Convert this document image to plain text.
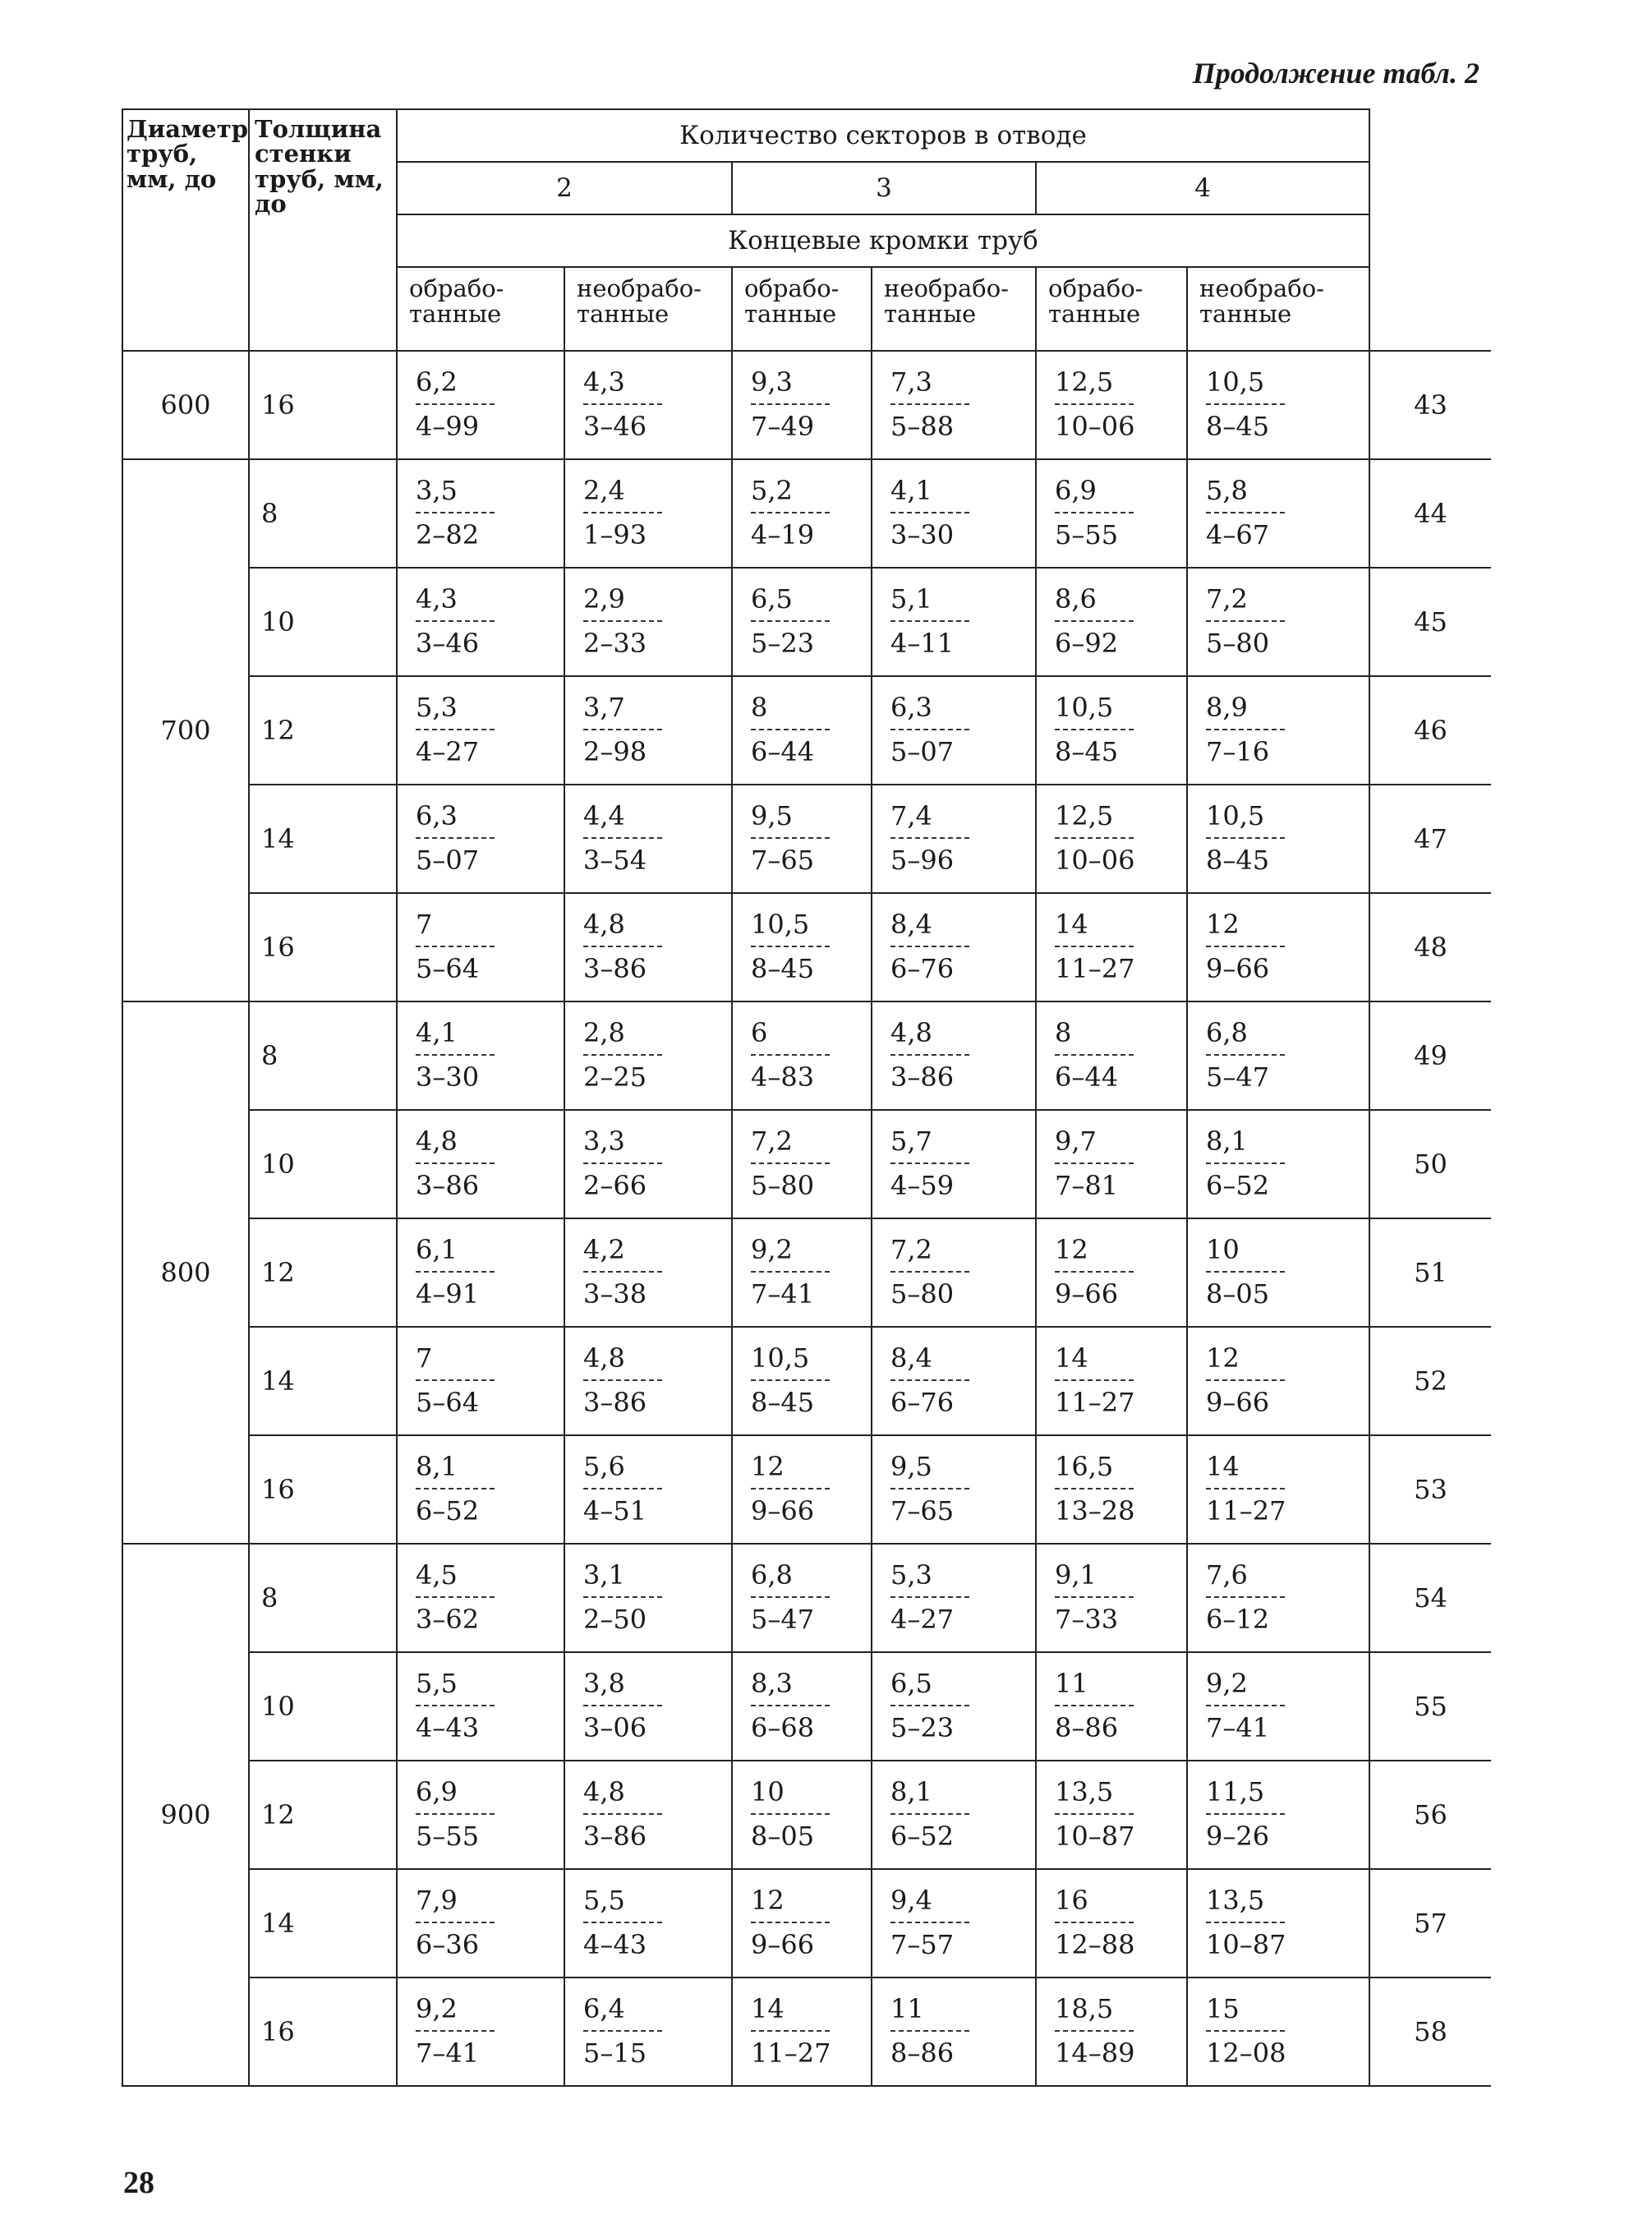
Продолжение табл. 2
Диаметр труб, мм, до	Толщина стенки труб, мм, до	Количество секторов в отводе						
		2		3		4		
		Концевые кромки труб						
		обрабо-танные	необрабо-танные	обрабо-танные	необрабо-танные	обрабо-танные	необрабо-танные	
600	16	$\frac{6,2}{4-99}$	$\frac{4,3}{3-46}$	$\frac{9,3}{7-49}$	$\frac{7,3}{5-88}$	$\frac{12,5}{10-06}$	$\frac{10,5}{8-45}$	43
700	8	$\frac{3,5}{2-82}$	$\frac{2,4}{1-93}$	$\frac{5,2}{4-19}$	$\frac{4,1}{3-30}$	$\frac{6,9}{5-55}$	$\frac{5,8}{4-67}$	44
	10	$\frac{4,3}{3-46}$	$\frac{2,9}{2-33}$	$\frac{6,5}{5-23}$	$\frac{5,1}{4-11}$	$\frac{8,6}{6-92}$	$\frac{7,2}{5-80}$	45
	12	$\frac{5,3}{4-27}$	$\frac{3,7}{2-98}$	$\frac{8}{6-44}$	$\frac{6,3}{5-07}$	$\frac{10,5}{8-45}$	$\frac{8,9}{7-16}$	46
	14	$\frac{6,3}{5-07}$	$\frac{4,4}{3-54}$	$\frac{9,5}{7-65}$	$\frac{7,4}{5-96}$	$\frac{12,5}{10-06}$	$\frac{10,5}{8-45}$	47
	16	$\frac{7}{5-64}$	$\frac{4,8}{3-86}$	$\frac{10,5}{8-45}$	$\frac{8,4}{6-76}$	$\frac{14}{11-27}$	$\frac{12}{9-66}$	48
800	8	$\frac{4,1}{3-30}$	$\frac{2,8}{2-25}$	$\frac{6}{4-83}$	$\frac{4,8}{3-86}$	$\frac{8}{6-44}$	$\frac{6,8}{5-47}$	49
	10	$\frac{4,8}{3-86}$	$\frac{3,3}{2-66}$	$\frac{7,2}{5-80}$	$\frac{5,7}{4-59}$	$\frac{9,7}{7-81}$	$\frac{8,1}{6-52}$	50
	12	$\frac{6,1}{4-91}$	$\frac{4,2}{3-38}$	$\frac{9,2}{7-41}$	$\frac{7,2}{5-80}$	$\frac{12}{9-66}$	$\frac{10}{8-05}$	51
	14	$\frac{7}{5-64}$	$\frac{4,8}{3-86}$	$\frac{10,5}{8-45}$	$\frac{8,4}{6-76}$	$\frac{14}{11-27}$	$\frac{12}{9-66}$	52
	16	$\frac{8,1}{6-52}$	$\frac{5,6}{4-51}$	$\frac{12}{9-66}$	$\frac{9,5}{7-65}$	$\frac{16,5}{13-28}$	$\frac{14}{11-27}$	53
900	8	$\frac{4,5}{3-62}$	$\frac{3,1}{2-50}$	$\frac{6,8}{5-47}$	$\frac{5,3}{4-27}$	$\frac{9,1}{7-33}$	$\frac{7,6}{6-12}$	54
	10	$\frac{5,5}{4-43}$	$\frac{3,8}{3-06}$	$\frac{8,3}{6-68}$	$\frac{6,5}{5-23}$	$\frac{11}{8-86}$	$\frac{9,2}{7-41}$	55
	12	$\frac{6,9}{5-55}$	$\frac{4,8}{3-86}$	$\frac{10}{8-05}$	$\frac{8,1}{6-52}$	$\frac{13,5}{10-87}$	$\frac{11,5}{9-26}$	56
	14	$\frac{7,9}{6-36}$	$\frac{5,5}{4-43}$	$\frac{12}{9-66}$	$\frac{9,4}{7-57}$	$\frac{16}{12-88}$	$\frac{13,5}{10-87}$	57
	16	$\frac{9,2}{7-41}$	$\frac{6,4}{5-15}$	$\frac{14}{11-27}$	$\frac{11}{8-86}$	$\frac{18,5}{14-89}$	$\frac{15}{12-08}$	58
28
